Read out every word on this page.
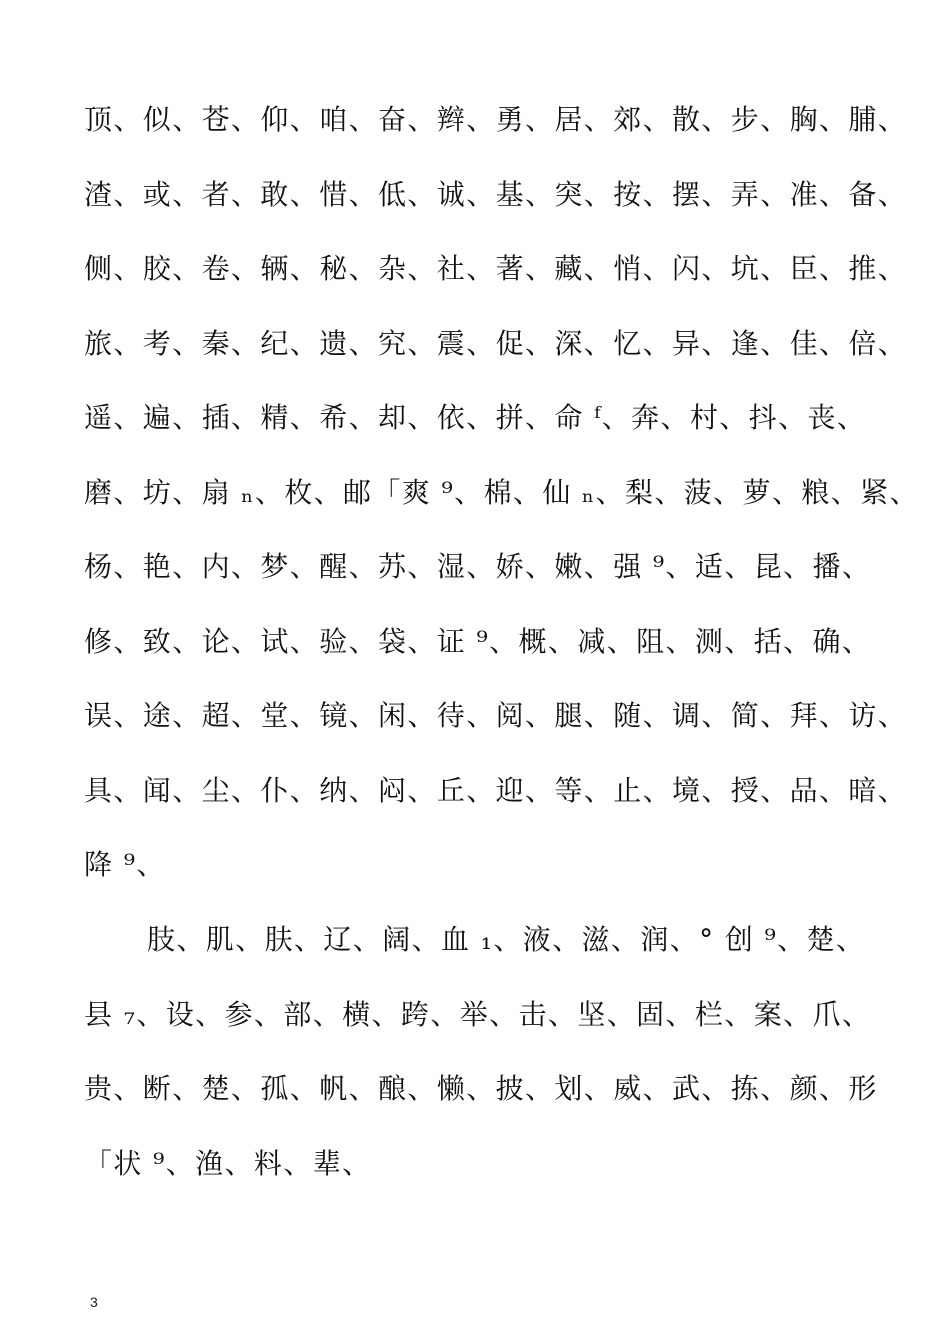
顶、似、苍、仰、咱、奋、辫、勇、居、郊、散、步、胸、脯、
渣、或、者、敢、惜、低、诚、基、突、按、摆、弄、准、备、
侧、胶、卷、辆、秘、杂、社、著、藏、悄、闪、坑、臣、推、
旅、考、秦、纪、遗、究、震、促、深、忆、异、逢、佳、倍、
遥、遍、插、精、希、却、依、拼、命 ᶠ、奔、村、抖、丧、
磨、坊、扇 ₙ、枚、邮「爽 ⁹、棉、仙 ₙ、梨、菠、萝、粮、紧、
杨、艳、内、梦、醒、苏、湿、娇、嫩、强 ⁹、适、昆、播、
修、致、论、试、验、袋、证 ⁹、概、减、阻、测、括、确、
误、途、超、堂、镜、闲、待、阅、腿、随、调、简、拜、访、
具、闻、尘、仆、纳、闷、丘、迎、等、止、境、授、品、暗、
降 ⁹、
肢、肌、肤、辽、阔、血 ₁、液、滋、润、° 创 ⁹、楚、
县 ₇、设、参、部、横、跨、举、击、坚、固、栏、案、爪、
贵、断、楚、孤、帆、酿、懒、披、划、威、武、拣、颜、形
「状 ⁹、渔、料、辈、
3
